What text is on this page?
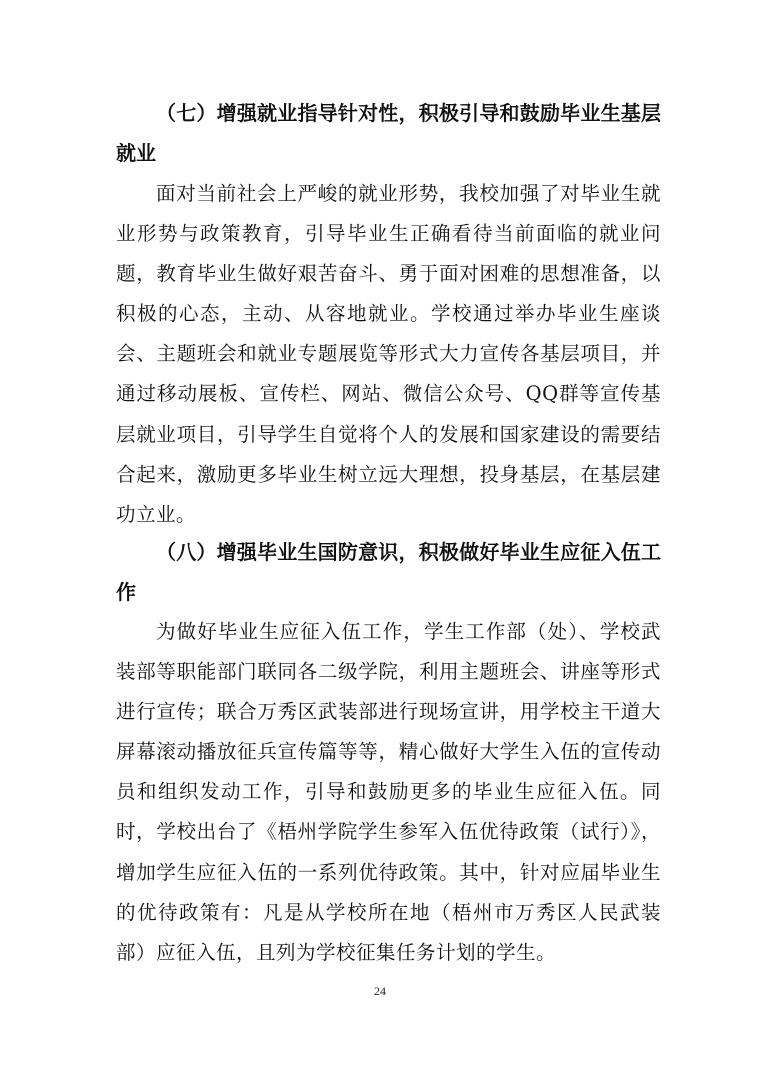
（七）增强就业指导针对性，积极引导和鼓励毕业生基层就业

面对当前社会上严峻的就业形势，我校加强了对毕业生就业形势与政策教育，引导毕业生正确看待当前面临的就业问题，教育毕业生做好艰苦奋斗、勇于面对困难的思想准备，以积极的心态，主动、从容地就业。学校通过举办毕业生座谈会、主题班会和就业专题展览等形式大力宣传各基层项目，并通过移动展板、宣传栏、网站、微信公众号、QQ群等宣传基层就业项目，引导学生自觉将个人的发展和国家建设的需要结合起来，激励更多毕业生树立远大理想，投身基层，在基层建功立业。

（八）增强毕业生国防意识，积极做好毕业生应征入伍工作

为做好毕业生应征入伍工作，学生工作部（处）、学校武装部等职能部门联同各二级学院，利用主题班会、讲座等形式进行宣传；联合万秀区武装部进行现场宣讲，用学校主干道大屏幕滚动播放征兵宣传篇等等，精心做好大学生入伍的宣传动员和组织发动工作，引导和鼓励更多的毕业生应征入伍。同时，学校出台了《梧州学院学生参军入伍优待政策（试行）》，增加学生应征入伍的一系列优待政策。其中，针对应届毕业生的优待政策有：凡是从学校所在地（梧州市万秀区人民武装部）应征入伍，且列为学校征集任务计划的学生。

24
